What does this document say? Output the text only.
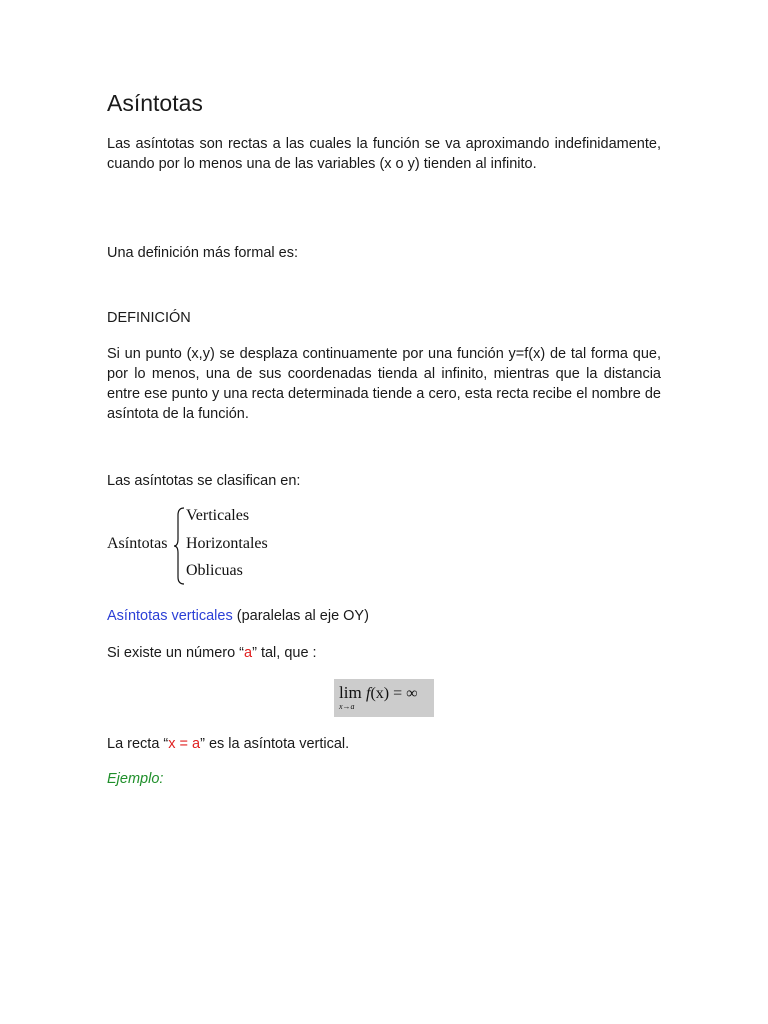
Asíntotas

Las asíntotas son rectas a las cuales la función se va aproximando indefinidamente, cuando por lo menos una de las variables (x o y) tienden al infinito.

Una definición más formal es:

DEFINICIÓN

Si un punto (x,y) se desplaza continuamente por una función y=f(x) de tal forma que, por lo menos, una de sus coordenadas tienda al infinito, mientras que la distancia entre ese punto y una recta determinada tiende a cero, esta recta recibe el nombre de asíntota de la función.

Las asíntotas se clasifican en:

Asíntotas
Verticales
Horizontales
Oblicuas

Asíntotas verticales (paralelas al eje OY)

Si existe un número “a” tal, que :

lim
x→a
f(x) = ∞

La recta “x = a” es la asíntota vertical.

Ejemplo:
